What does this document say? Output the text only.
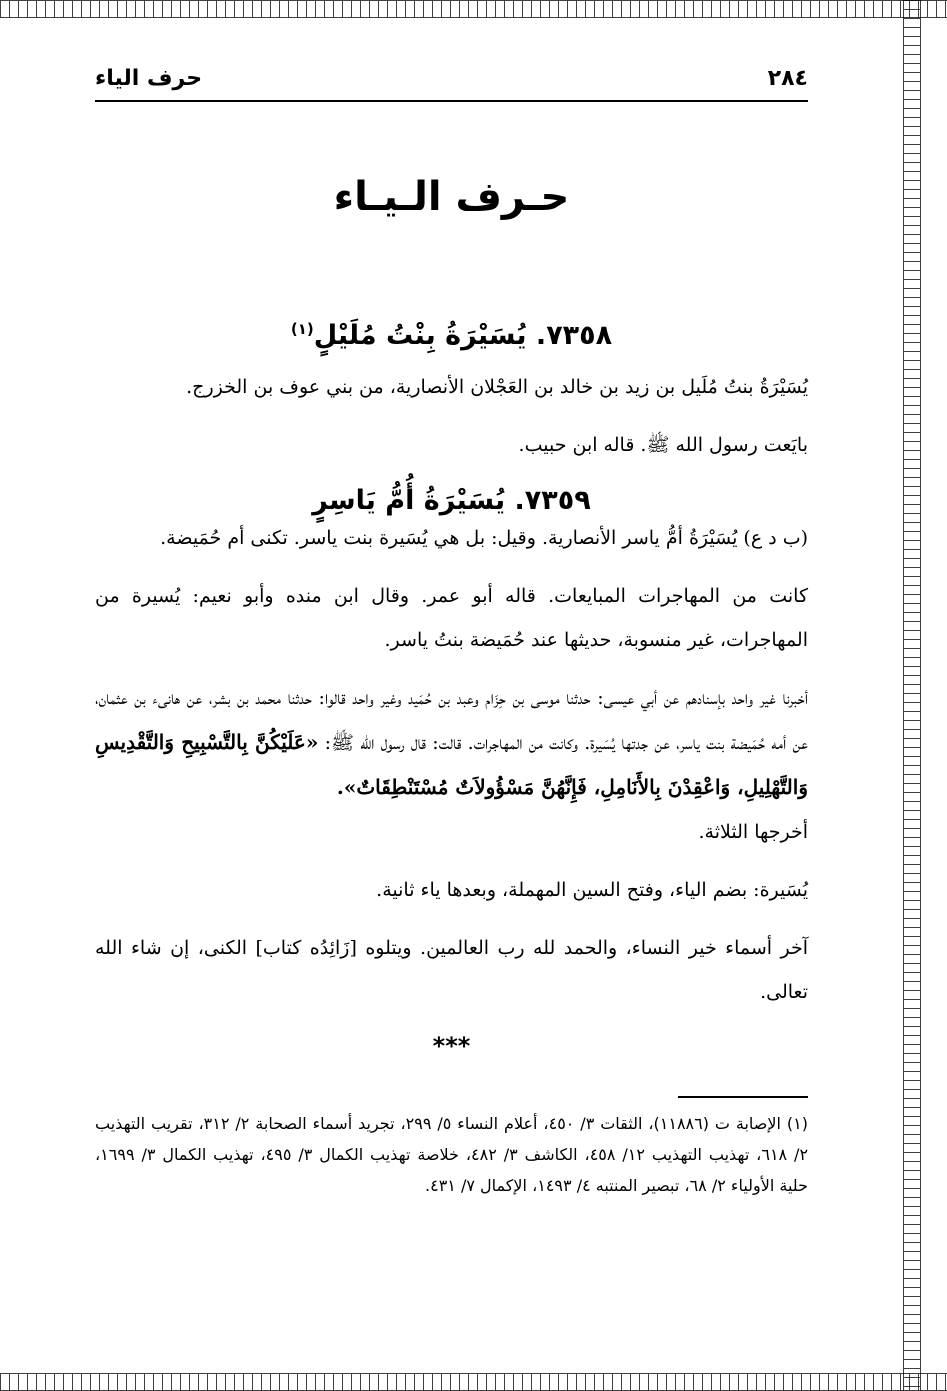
٢٨٤
حرف الياء
حـرف الـيـاء
٧٣٥٨. يُسَيْرَةُ بِنْتُ مُلَيْلٍ$^{(١)}$

يُسَيْرَةُ بنتُ مُلَيل بن زيد بن خالد بن العَجْلان الأنصارية، من بني عوف بن الخزرج.

بايَعت رسول الله ﷺ. قاله ابن حبيب.

٧٣٥٩. يُسَيْرَةُ أُمُّ يَاسِرٍ

(ب د ع) يُسَيْرَةُ أمُّ ياسر الأنصارية. وقيل: بل هي يُسَيرة بنت ياسر. تكنى أم حُمَيضة.

كانت من المهاجرات المبايعات. قاله أبو عمر. وقال ابن منده وأبو نعيم: يُسيرة من المهاجرات، غير منسوبة، حديثها عند حُمَيضة بنتُ ياسر.

أخبرنا غير واحد بإسنادهم عن أبي عيسى: حدثنا موسى بن حِزَام وعبد بن حُمَيد وغير واحد قالوا: حدثنا محمد بن بشر، عن هانىء بن عثمان، عن أمه حُمَيضة بنت ياسر، عن جدتها يُسَيرة. وكانت من المهاجرات. قالت: قال رسول الله ﷺ: «عَلَيْكُنَّ بِالتَّسْبِيحِ وَالتَّقْدِيسِ وَالتَّهْلِيلِ، وَاعْقِدْنَ بِالأَنَامِلِ، فَإِنَّهُنَّ مَسْؤُولاَتٌ مُسْتَنْطِقَاتٌ».

أخرجها الثلاثة.

يُسَيرة: بضم الياء، وفتح السين المهملة، وبعدها ياء ثانية.

آخر أسماء خير النساء، والحمد لله رب العالمين. ويتلوه [زَائِدُه كتاب] الكنى، إن شاء الله تعالى.

***

(١) الإصابة ت (١١٨٨٦)، الثقات ٣/ ٤٥٠، أعلام النساء ٥/ ٢٩٩، تجريد أسماء الصحابة ٢/ ٣١٢، تقريب التهذيب ٢/ ٦١٨، تهذيب التهذيب ١٢/ ٤٥٨، الكاشف ٣/ ٤٨٢، خلاصة تهذيب الكمال ٣/ ٤٩٥، تهذيب الكمال ٣/ ١٦٩٩، حلية الأولياء ٢/ ٦٨، تبصير المنتبه ٤/ ١٤٩٣، الإكمال ٧/ ٤٣١.
